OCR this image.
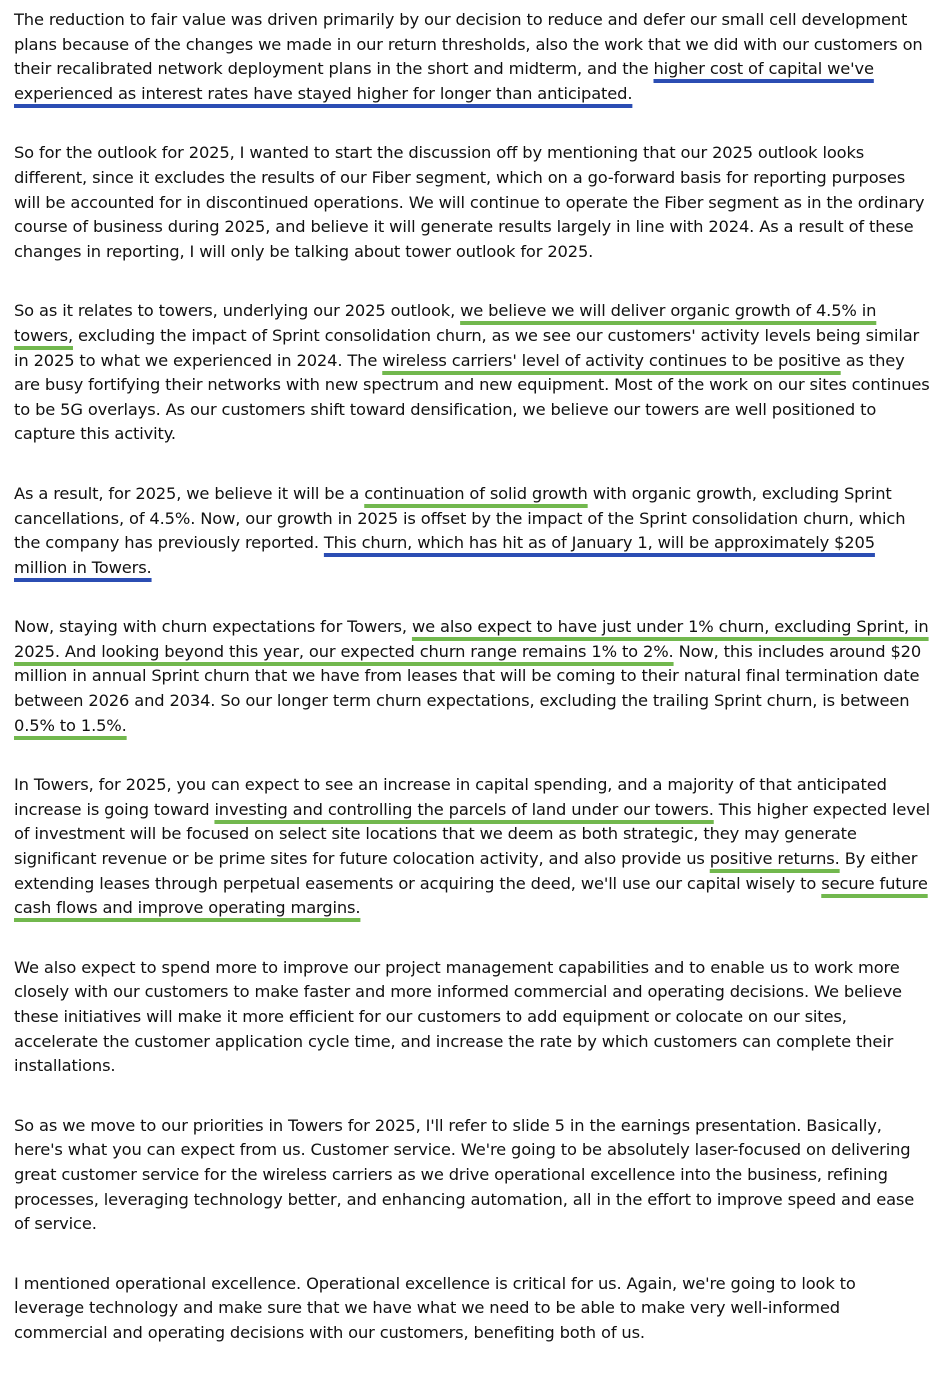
The reduction to fair value was driven primarily by our decision to reduce and defer our small cell development plans because of the changes we made in our return thresholds, also the work that we did with our customers on their recalibrated network deployment plans in the short and midterm, and the higher cost of capital we've experienced as interest rates have stayed higher for longer than anticipated.

So for the outlook for 2025, I wanted to start the discussion off by mentioning that our 2025 outlook looks different, since it excludes the results of our Fiber segment, which on a go-forward basis for reporting purposes will be accounted for in discontinued operations. We will continue to operate the Fiber segment as in the ordinary course of business during 2025, and believe it will generate results largely in line with 2024. As a result of these changes in reporting, I will only be talking about tower outlook for 2025.

So as it relates to towers, underlying our 2025 outlook, we believe we will deliver organic growth of 4.5% in towers, excluding the impact of Sprint consolidation churn, as we see our customers' activity levels being similar in 2025 to what we experienced in 2024. The wireless carriers' level of activity continues to be positive as they are busy fortifying their networks with new spectrum and new equipment. Most of the work on our sites continues to be 5G overlays. As our customers shift toward densification, we believe our towers are well positioned to capture this activity.

As a result, for 2025, we believe it will be a continuation of solid growth with organic growth, excluding Sprint cancellations, of 4.5%. Now, our growth in 2025 is offset by the impact of the Sprint consolidation churn, which the company has previously reported. This churn, which has hit as of January 1, will be approximately $205 million in Towers.

Now, staying with churn expectations for Towers, we also expect to have just under 1% churn, excluding Sprint, in 2025. And looking beyond this year, our expected churn range remains 1% to 2%. Now, this includes around $20 million in annual Sprint churn that we have from leases that will be coming to their natural final termination date between 2026 and 2034. So our longer term churn expectations, excluding the trailing Sprint churn, is between 0.5% to 1.5%.

In Towers, for 2025, you can expect to see an increase in capital spending, and a majority of that anticipated increase is going toward investing and controlling the parcels of land under our towers. This higher expected level of investment will be focused on select site locations that we deem as both strategic, they may generate significant revenue or be prime sites for future colocation activity, and also provide us positive returns. By either extending leases through perpetual easements or acquiring the deed, we'll use our capital wisely to secure future cash flows and improve operating margins.

We also expect to spend more to improve our project management capabilities and to enable us to work more closely with our customers to make faster and more informed commercial and operating decisions. We believe these initiatives will make it more efficient for our customers to add equipment or colocate on our sites, accelerate the customer application cycle time, and increase the rate by which customers can complete their installations.

So as we move to our priorities in Towers for 2025, I'll refer to slide 5 in the earnings presentation. Basically, here's what you can expect from us. Customer service. We're going to be absolutely laser-focused on delivering great customer service for the wireless carriers as we drive operational excellence into the business, refining processes, leveraging technology better, and enhancing automation, all in the effort to improve speed and ease of service.

I mentioned operational excellence. Operational excellence is critical for us. Again, we're going to look to leverage technology and make sure that we have what we need to be able to make very well-informed commercial and operating decisions with our customers, benefiting both of us.
